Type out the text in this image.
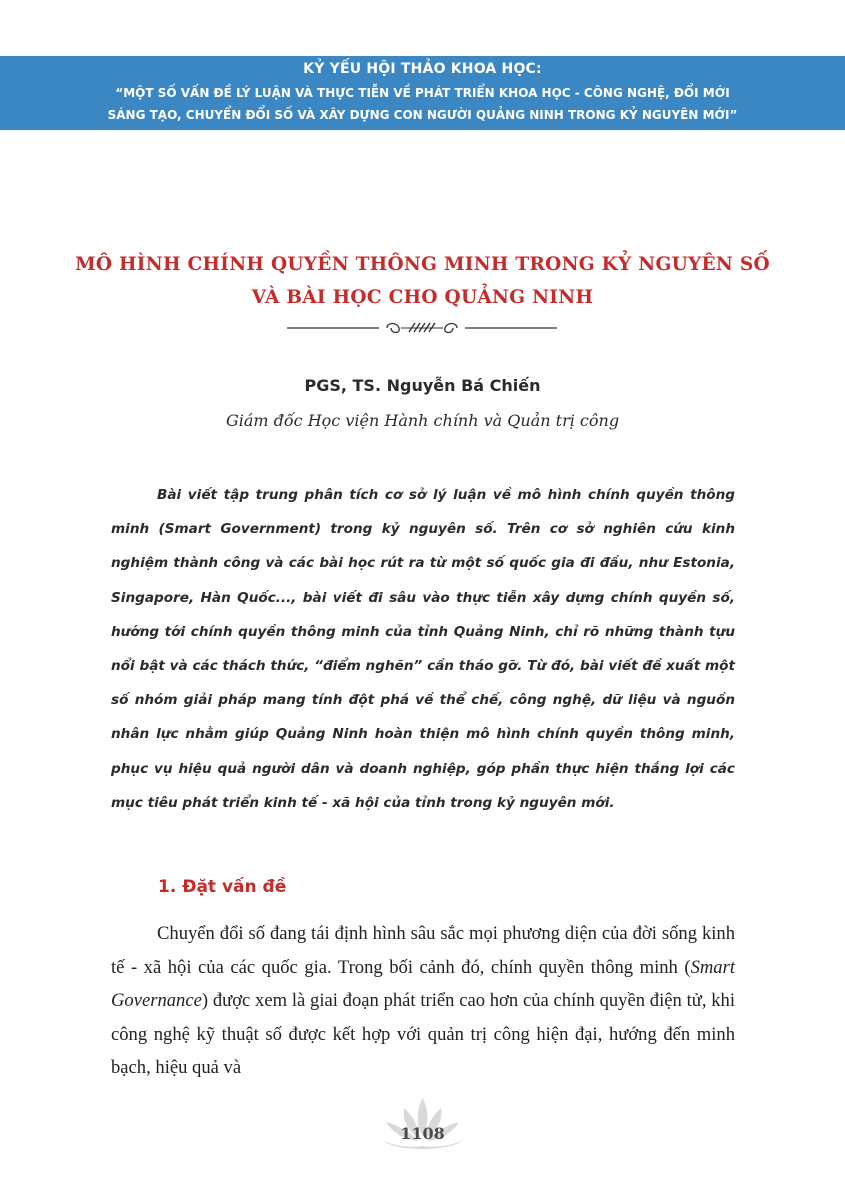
KỶ YẾU HỘI THẢO KHOA HỌC:
“MỘT SỐ VẤN ĐỀ LÝ LUẬN VÀ THỰC TIỄN VỀ PHÁT TRIỂN KHOA HỌC - CÔNG NGHỆ, ĐỔI MỚI
SÁNG TẠO, CHUYỂN ĐỔI SỐ VÀ XÂY DỰNG CON NGƯỜI QUẢNG NINH TRONG KỶ NGUYÊN MỚI”
MÔ HÌNH CHÍNH QUYỀN THÔNG MINH TRONG KỶ NGUYÊN SỐ
VÀ BÀI HỌC CHO QUẢNG NINH
PGS, TS. Nguyễn Bá Chiến
Giám đốc Học viện Hành chính và Quản trị công

Bài viết tập trung phân tích cơ sở lý luận về mô hình chính quyền thông minh (Smart Government) trong kỷ nguyên số. Trên cơ sở nghiên cứu kinh nghiệm thành công và các bài học rút ra từ một số quốc gia đi đầu, như Estonia, Singapore, Hàn Quốc..., bài viết đi sâu vào thực tiễn xây dựng chính quyền số, hướng tới chính quyền thông minh của tỉnh Quảng Ninh, chỉ rõ những thành tựu nổi bật và các thách thức, “điểm nghẽn” cần tháo gỡ. Từ đó, bài viết đề xuất một số nhóm giải pháp mang tính đột phá về thể chế, công nghệ, dữ liệu và nguồn nhân lực nhằm giúp Quảng Ninh hoàn thiện mô hình chính quyền thông minh, phục vụ hiệu quả người dân và doanh nghiệp, góp phần thực hiện thắng lợi các mục tiêu phát triển kinh tế - xã hội của tỉnh trong kỷ nguyên mới.

1. Đặt vấn đề

Chuyển đổi số đang tái định hình sâu sắc mọi phương diện của đời sống kinh tế - xã hội của các quốc gia. Trong bối cảnh đó, chính quyền thông minh (Smart Governance) được xem là giai đoạn phát triển cao hơn của chính quyền điện tử, khi công nghệ kỹ thuật số được kết hợp với quản trị công hiện đại, hướng đến minh bạch, hiệu quả và

1108
